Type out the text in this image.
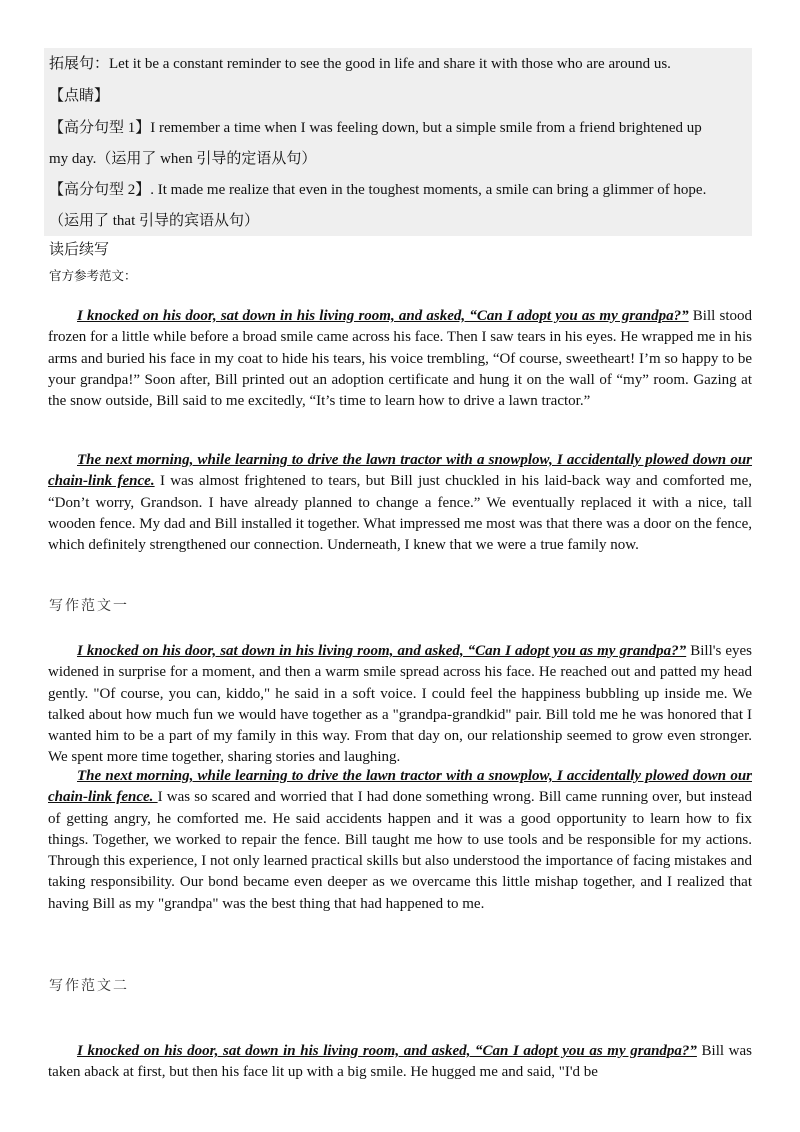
拓展句：Let it be a constant reminder to see the good in life and share it with those who are around us.
【点睛】
【高分句型 1】I remember a time when I was feeling down, but a simple smile from a friend brightened up
my day.（运用了 when 引导的定语从句）
【高分句型 2】. It made me realize that even in the toughest moments, a smile can bring a glimmer of hope.
（运用了 that 引导的宾语从句）
读后续写
官方参考范文：
I knocked on his door, sat down in his living room, and asked, “Can I adopt you as my grandpa?” Bill stood frozen for a little while before a broad smile came across his face. Then I saw tears in his eyes. He wrapped me in his arms and buried his face in my coat to hide his tears, his voice trembling, “Of course, sweetheart! I’m so happy to be your grandpa!” Soon after, Bill printed out an adoption certificate and hung it on the wall of “my” room. Gazing at the snow outside, Bill said to me excitedly, “It’s time to learn how to drive a lawn tractor.”
The next morning, while learning to drive the lawn tractor with a snowplow, I accidentally plowed down our chain-link fence. I was almost frightened to tears, but Bill just chuckled in his laid-back way and comforted me, “Don’t worry, Grandson. I have already planned to change a fence.” We eventually replaced it with a nice, tall wooden fence. My dad and Bill installed it together. What impressed me most was that there was a door on the fence, which definitely strengthened our connection. Underneath, I knew that we were a true family now.
写作范文一
I knocked on his door, sat down in his living room, and asked, “Can I adopt you as my grandpa?” Bill's eyes widened in surprise for a moment, and then a warm smile spread across his face. He reached out and patted my head gently. "Of course, you can, kiddo," he said in a soft voice. I could feel the happiness bubbling up inside me. We talked about how much fun we would have together as a "grandpa-grandkid" pair. Bill told me he was honored that I wanted him to be a part of my family in this way. From that day on, our relationship seemed to grow even stronger. We spent more time together, sharing stories and laughing.
The next morning, while learning to drive the lawn tractor with a snowplow, I accidentally plowed down our chain-link fence. I was so scared and worried that I had done something wrong. Bill came running over, but instead of getting angry, he comforted me. He said accidents happen and it was a good opportunity to learn how to fix things. Together, we worked to repair the fence. Bill taught me how to use tools and be responsible for my actions. Through this experience, I not only learned practical skills but also understood the importance of facing mistakes and taking responsibility. Our bond became even deeper as we overcame this little mishap together, and I realized that having Bill as my "grandpa" was the best thing that had happened to me.
写作范文二
I knocked on his door, sat down in his living room, and asked, “Can I adopt you as my grandpa?” Bill was taken aback at first, but then his face lit up with a big smile. He hugged me and said, "I'd be
